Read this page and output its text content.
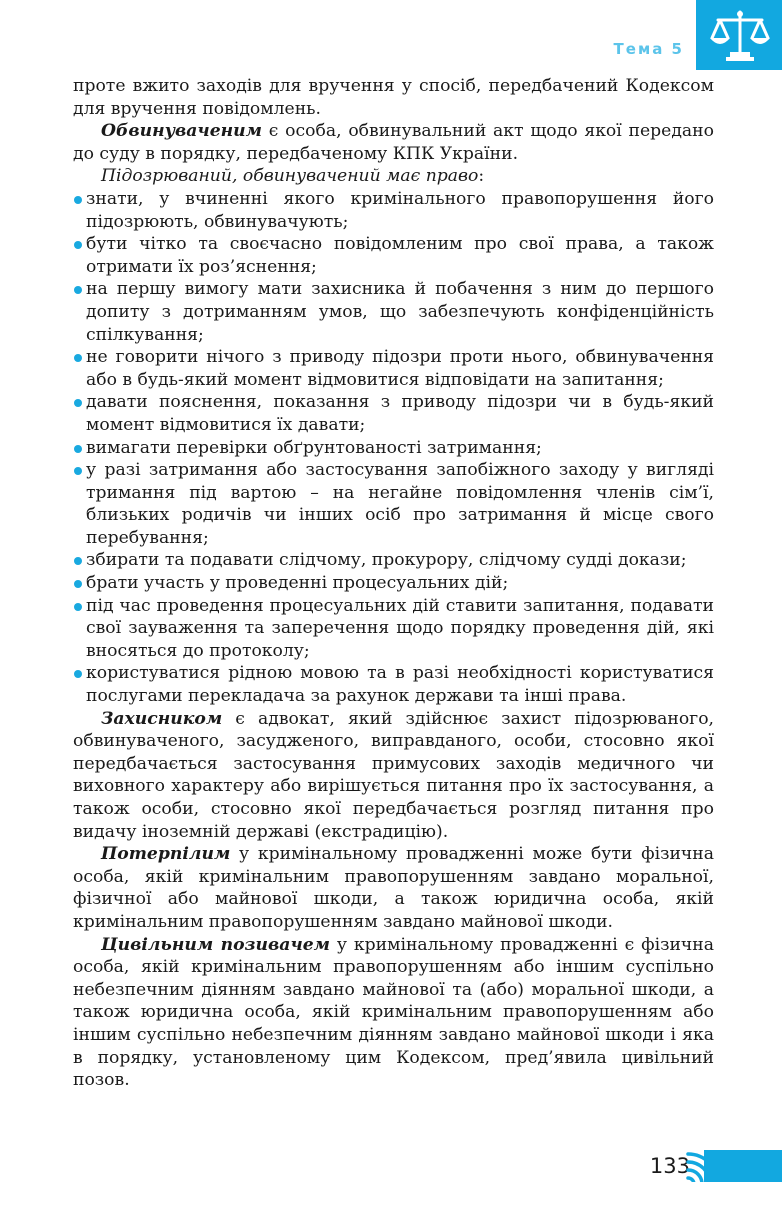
Тема 5

проте вжито заходів для вручення у спосіб, передбачений Кодексом для вручення повідомлень.

Обвинуваченим є особа, обвинувальний акт щодо якої передано до суду в порядку, передбаченому КПК України.

Підозрюваний, обвинувачений має право:

знати, у вчиненні якого кримінального правопорушення його підозрюють, обвинувачують;
бути чітко та своєчасно повідомленим про свої права, а також отримати їх роз’яснення;
на першу вимогу мати захисника й побачення з ним до першого допиту з дотриманням умов, що забезпечують конфіденційність спілкування;
не говорити нічого з приводу підозри проти нього, обвинувачення або в будь-який момент відмовитися відповідати на запитання;
давати пояснення, показання з приводу підозри чи в будь-який момент відмовитися їх давати;
вимагати перевірки обґрунтованості затримання;
у разі затримання або застосування запобіжного заходу у вигляді тримання під вартою – на негайне повідомлення членів сім’ї, близьких родичів чи інших осіб про затримання й місце свого перебування;
збирати та подавати слідчому, прокурору, слідчому судді докази;
брати участь у проведенні процесуальних дій;
під час проведення процесуальних дій ставити запитання, подавати свої зауваження та заперечення щодо порядку проведення дій, які вносяться до протоколу;
користуватися рідною мовою та в разі необхідності користуватися послугами перекладача за рахунок держави та інші права.

Захисником є адвокат, який здійснює захист підозрюваного, обвинуваченого, засудженого, виправданого, особи, стосовно якої передбачається застосування примусових заходів медичного чи виховного характеру або вирішується питання про їх застосування, а також особи, стосовно якої передбачається розгляд питання про видачу іноземній державі (екстрадицію).

Потерпілим у кримінальному провадженні може бути фізична особа, якій кримінальним правопорушенням завдано моральної, фізичної або майнової шкоди, а також юридична особа, якій кримінальним правопорушенням завдано майнової шкоди.

Цивільним позивачем у кримінальному провадженні є фізична особа, якій кримінальним правопорушенням або іншим суспільно небезпечним діянням завдано майнової та (або) моральної шкоди, а також юридична особа, якій кримінальним правопорушенням або іншим суспільно небезпечним діянням завдано майнової шкоди і яка в порядку, установленому цим Кодексом, пред’явила цивільний позов.

133
